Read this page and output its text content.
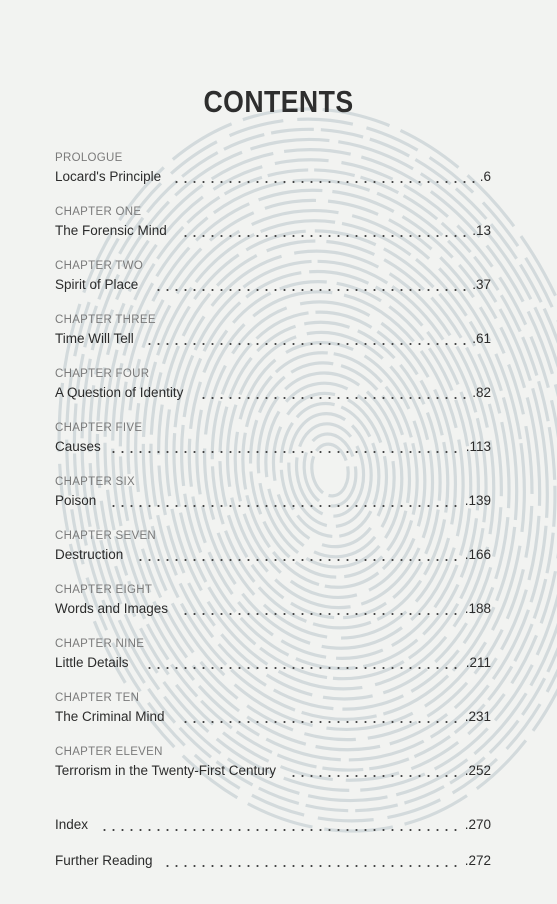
CONTENTS
PROLOGUE
Locard's Principle	.6
CHAPTER ONE
The Forensic Mind	.13
CHAPTER TWO
Spirit of Place	.37
CHAPTER THREE
Time Will Tell	.61
CHAPTER FOUR
A Question of Identity	.82
CHAPTER FIVE
Causes	.113
CHAPTER SIX
Poison	.139
CHAPTER SEVEN
Destruction	.166
CHAPTER EIGHT
Words and Images	.188
CHAPTER NINE
Little Details	.211
CHAPTER TEN
The Criminal Mind	.231
CHAPTER ELEVEN
Terrorism in the Twenty-First Century	.252
Index	.270
Further Reading	.272
